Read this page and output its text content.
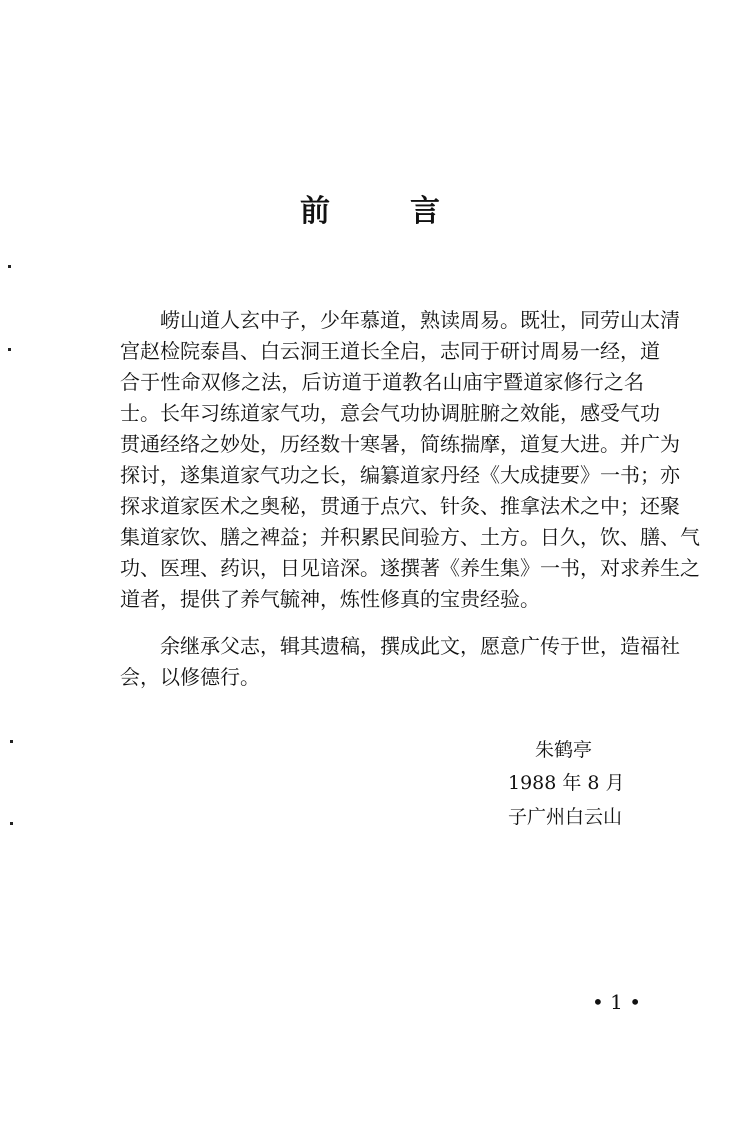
前	言
崂山道人玄中子，少年慕道，熟读周易。既壮，同劳山太清
宫赵检院泰昌、白云洞王道长全启，志同于研讨周易一经，道
合于性命双修之法，后访道于道教名山庙宇暨道家修行之名
士。长年习练道家气功，意会气功协调脏腑之效能，感受气功
贯通经络之妙处，历经数十寒暑，简练揣摩，道复大进。并广为
探讨，遂集道家气功之长，编纂道家丹经《大成捷要》一书；亦
探求道家医术之奥秘，贯通于点穴、针灸、推拿法术之中；还聚
集道家饮、膳之裨益；并积累民间验方、土方。日久，饮、膳、气
功、医理、药识，日见谙深。遂撰著《养生集》一书，对求养生之
道者，提供了养气毓神，炼性修真的宝贵经验。
余继承父志，辑其遗稿，撰成此文，愿意广传于世，造福社
会，以修德行。
朱鹤亭
1988 年 8 月
子广州白云山
• 1 •
